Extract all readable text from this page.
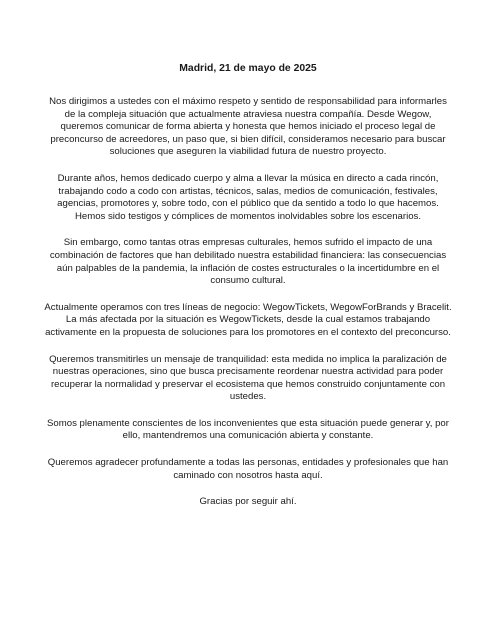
Madrid, 21 de mayo de 2025

Nos dirigimos a ustedes con el máximo respeto y sentido de responsabilidad para informarles de la compleja situación que actualmente atraviesa nuestra compañía. Desde Wegow, queremos comunicar de forma abierta y honesta que hemos iniciado el proceso legal de preconcurso de acreedores, un paso que, si bien difícil, consideramos necesario para buscar soluciones que aseguren la viabilidad futura de nuestro proyecto.

Durante años, hemos dedicado cuerpo y alma a llevar la música en directo a cada rincón, trabajando codo a codo con artistas, técnicos, salas, medios de comunicación, festivales, agencias, promotores y, sobre todo, con el público que da sentido a todo lo que hacemos. Hemos sido testigos y cómplices de momentos inolvidables sobre los escenarios.

Sin embargo, como tantas otras empresas culturales, hemos sufrido el impacto de una combinación de factores que han debilitado nuestra estabilidad financiera: las consecuencias aún palpables de la pandemia, la inflación de costes estructurales o la incertidumbre en el consumo cultural.

Actualmente operamos con tres líneas de negocio: WegowTickets, WegowForBrands y Bracelit. La más afectada por la situación es WegowTickets, desde la cual estamos trabajando activamente en la propuesta de soluciones para los promotores en el contexto del preconcurso.

Queremos transmitirles un mensaje de tranquilidad: esta medida no implica la paralización de nuestras operaciones, sino que busca precisamente reordenar nuestra actividad para poder recuperar la normalidad y preservar el ecosistema que hemos construido conjuntamente con ustedes.

Somos plenamente conscientes de los inconvenientes que esta situación puede generar y, por ello, mantendremos una comunicación abierta y constante.

Queremos agradecer profundamente a todas las personas, entidades y profesionales que han caminado con nosotros hasta aquí.

Gracias por seguir ahí.
